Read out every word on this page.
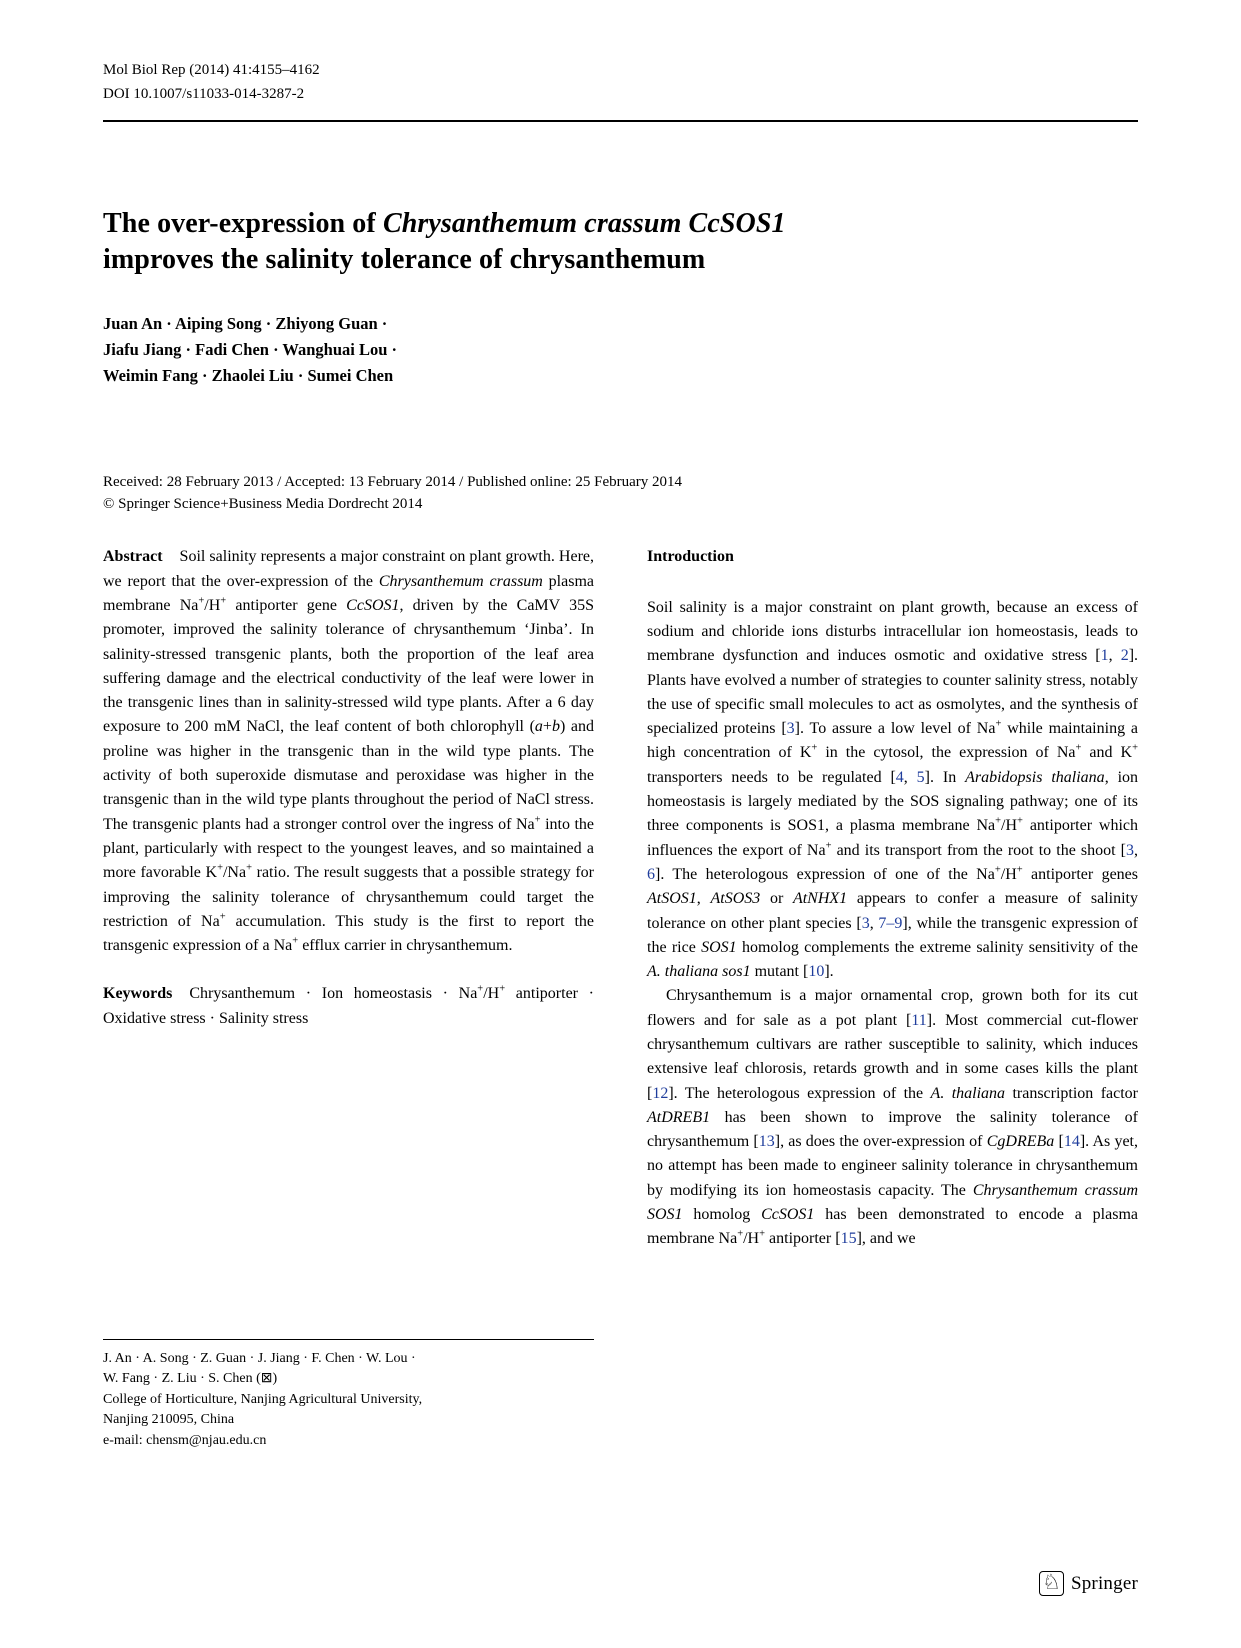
Mol Biol Rep (2014) 41:4155–4162
DOI 10.1007/s11033-014-3287-2
The over-expression of Chrysanthemum crassum CcSOS1
improves the salinity tolerance of chrysanthemum
Juan An · Aiping Song · Zhiyong Guan ·
Jiafu Jiang · Fadi Chen · Wanghuai Lou ·
Weimin Fang · Zhaolei Liu · Sumei Chen
Received: 28 February 2013 / Accepted: 13 February 2014 / Published online: 25 February 2014
© Springer Science+Business Media Dordrecht 2014

Abstract Soil salinity represents a major constraint on plant growth. Here, we report that the over-expression of the Chrysanthemum crassum plasma membrane Na+/H+ antiporter gene CcSOS1, driven by the CaMV 35S promoter, improved the salinity tolerance of chrysanthemum ‘Jinba’. In salinity-stressed transgenic plants, both the proportion of the leaf area suffering damage and the electrical conductivity of the leaf were lower in the transgenic lines than in salinity-stressed wild type plants. After a 6 day exposure to 200 mM NaCl, the leaf content of both chlorophyll (a+b) and proline was higher in the transgenic than in the wild type plants. The activity of both superoxide dismutase and peroxidase was higher in the transgenic than in the wild type plants throughout the period of NaCl stress. The transgenic plants had a stronger control over the ingress of Na+ into the plant, particularly with respect to the youngest leaves, and so maintained a more favorable K+/Na+ ratio. The result suggests that a possible strategy for improving the salinity tolerance of chrysanthemum could target the restriction of Na+ accumulation. This study is the first to report the transgenic expression of a Na+ efflux carrier in chrysanthemum.

Keywords Chrysanthemum · Ion homeostasis · Na+/H+ antiporter · Oxidative stress · Salinity stress

J. An · A. Song · Z. Guan · J. Jiang · F. Chen · W. Lou ·
W. Fang · Z. Liu · S. Chen (⊠)
College of Horticulture, Nanjing Agricultural University,
Nanjing 210095, China
e-mail: chensm@njau.edu.cn
Introduction

Soil salinity is a major constraint on plant growth, because an excess of sodium and chloride ions disturbs intracellular ion homeostasis, leads to membrane dysfunction and induces osmotic and oxidative stress [1, 2]. Plants have evolved a number of strategies to counter salinity stress, notably the use of specific small molecules to act as osmolytes, and the synthesis of specialized proteins [3]. To assure a low level of Na+ while maintaining a high concentration of K+ in the cytosol, the expression of Na+ and K+ transporters needs to be regulated [4, 5]. In Arabidopsis thaliana, ion homeostasis is largely mediated by the SOS signaling pathway; one of its three components is SOS1, a plasma membrane Na+/H+ antiporter which influences the export of Na+ and its transport from the root to the shoot [3, 6]. The heterologous expression of one of the Na+/H+ antiporter genes AtSOS1, AtSOS3 or AtNHX1 appears to confer a measure of salinity tolerance on other plant species [3, 7–9], while the transgenic expression of the rice SOS1 homolog complements the extreme salinity sensitivity of the A. thaliana sos1 mutant [10].

Chrysanthemum is a major ornamental crop, grown both for its cut flowers and for sale as a pot plant [11]. Most commercial cut-flower chrysanthemum cultivars are rather susceptible to salinity, which induces extensive leaf chlorosis, retards growth and in some cases kills the plant [12]. The heterologous expression of the A. thaliana transcription factor AtDREB1 has been shown to improve the salinity tolerance of chrysanthemum [13], as does the over-expression of CgDREBa [14]. As yet, no attempt has been made to engineer salinity tolerance in chrysanthemum by modifying its ion homeostasis capacity. The Chrysanthemum crassum SOS1 homolog CcSOS1 has been demonstrated to encode a plasma membrane Na+/H+ antiporter [15], and we

♘ Springer
